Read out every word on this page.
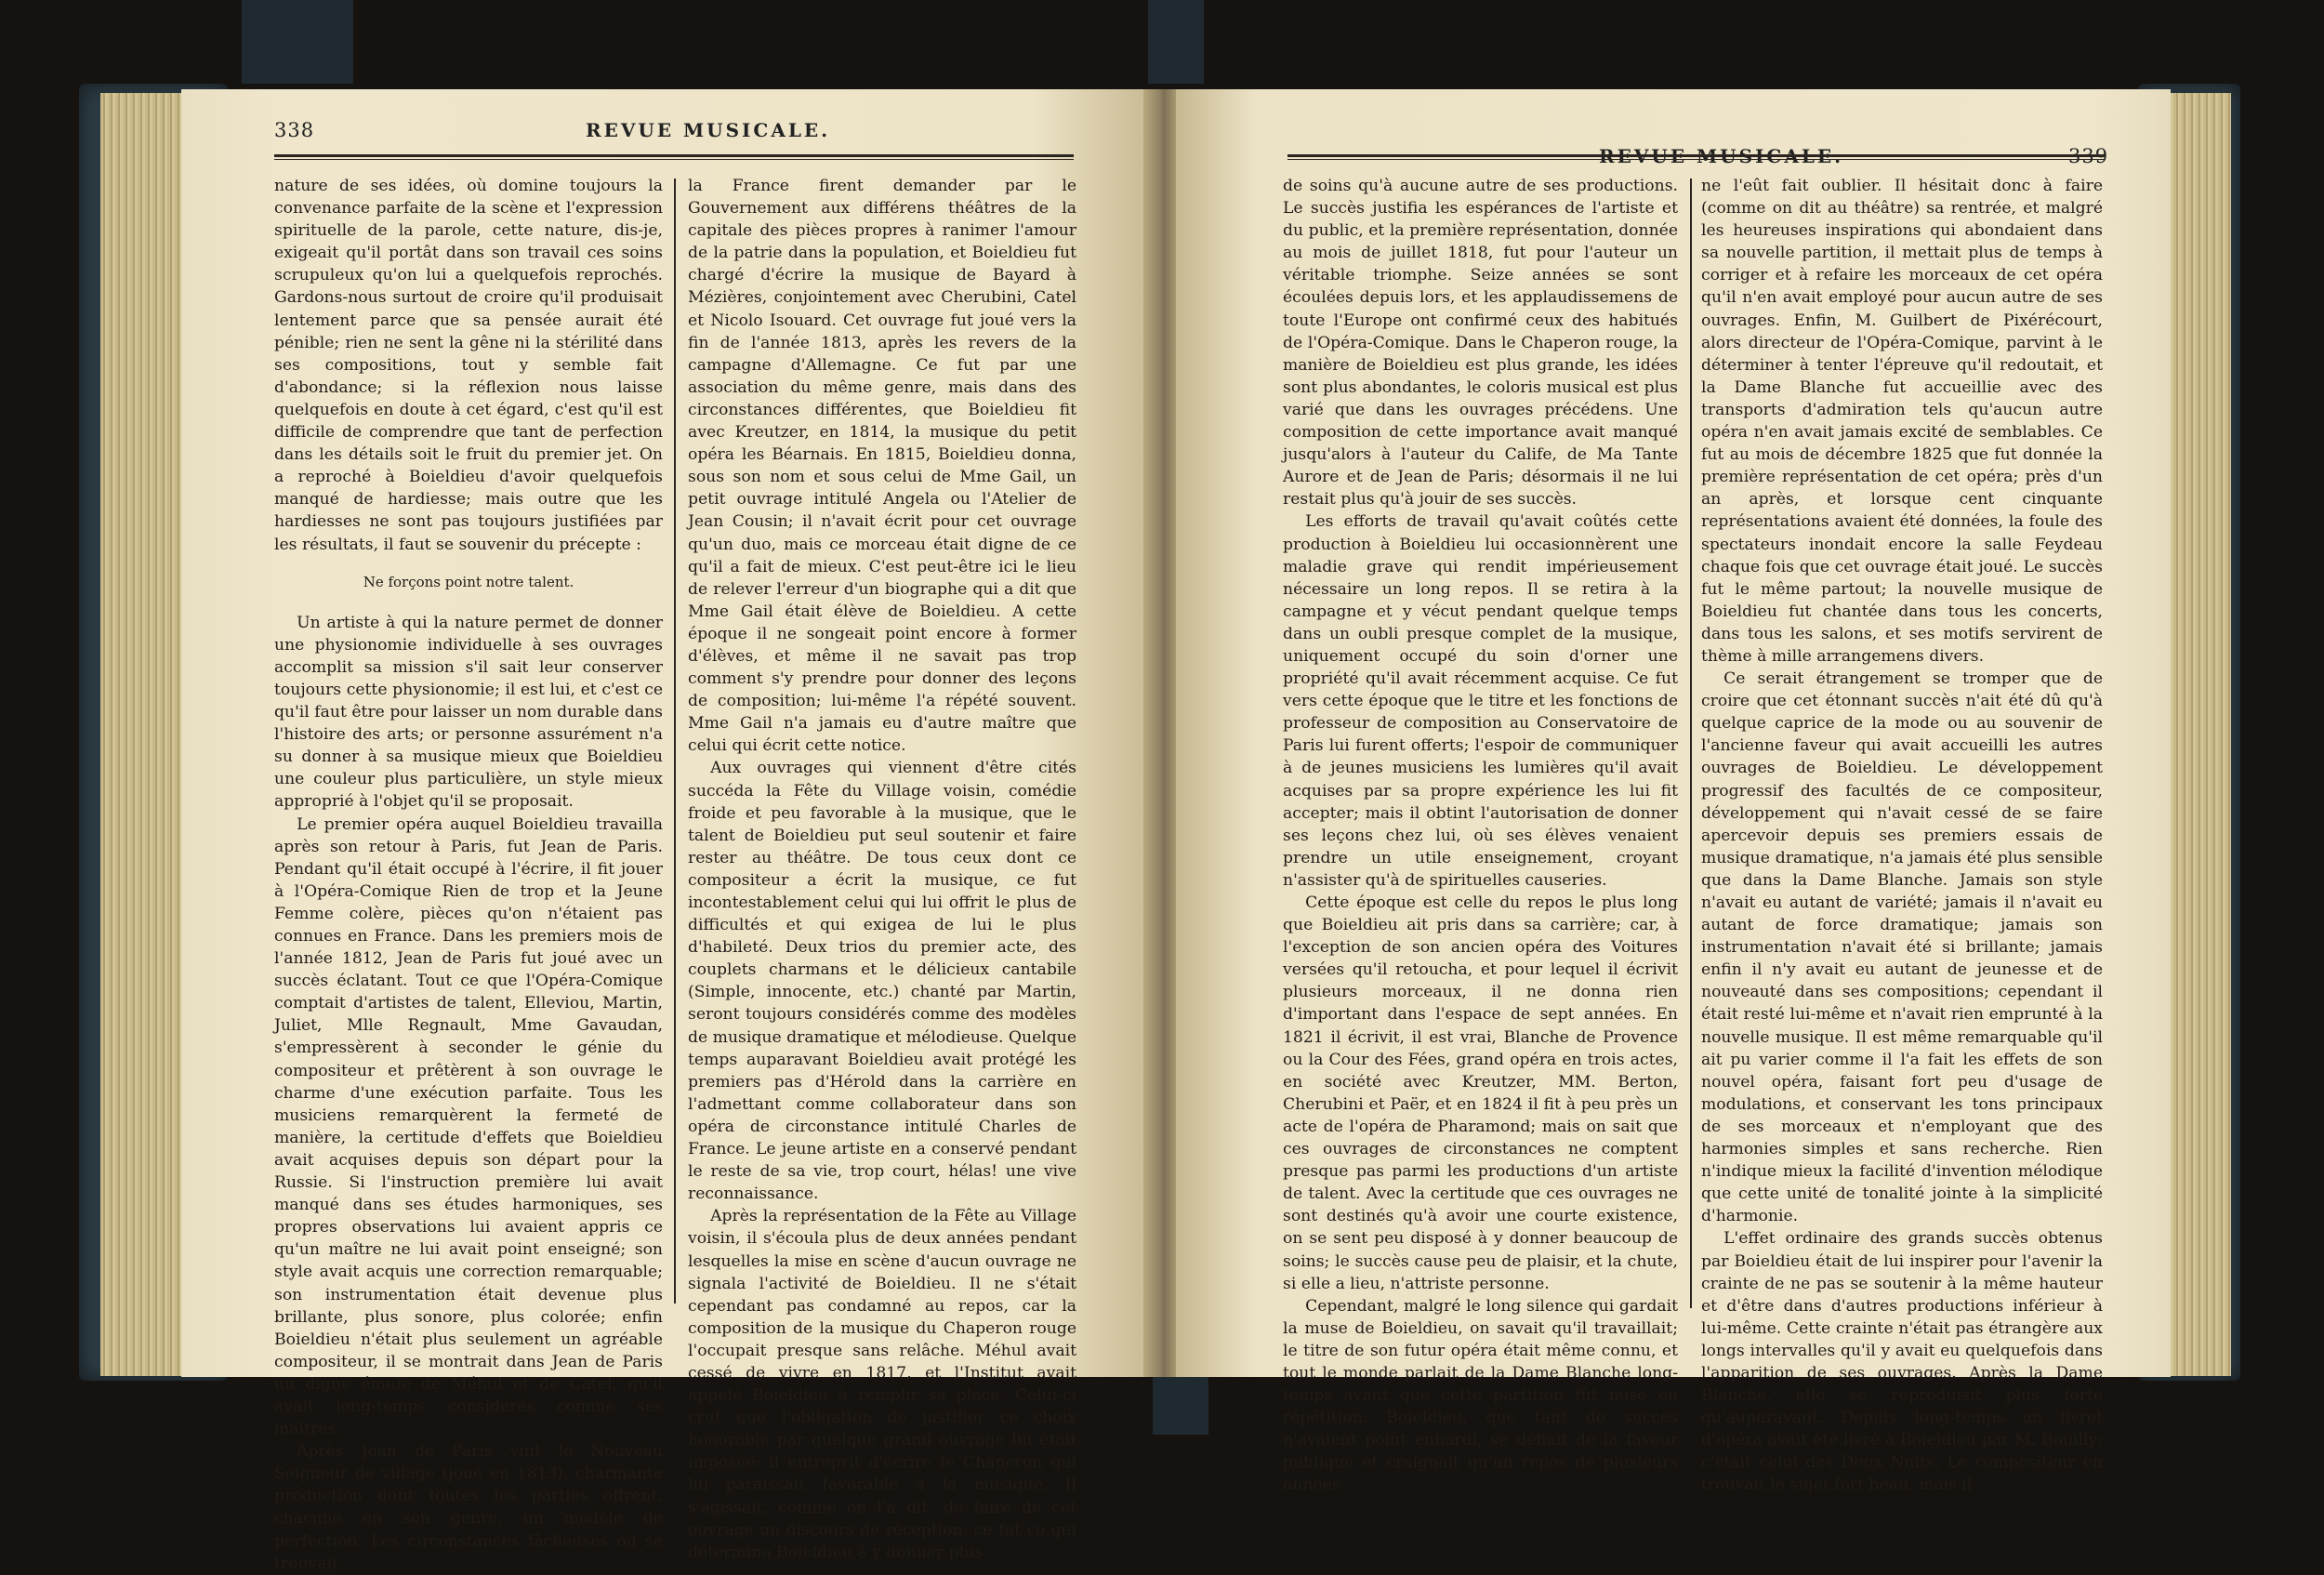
338	REVUE MUSICALE.

nature de ses idées, où domine toujours la convenance parfaite de la scène et l'expression spirituelle de la parole, cette nature, dis-je, exigeait qu'il portât dans son travail ces soins scrupuleux qu'on lui a quelquefois reprochés. Gardons-nous surtout de croire qu'il produisait lentement parce que sa pensée aurait été pénible; rien ne sent la gêne ni la stérilité dans ses compositions, tout y semble fait d'abondance; si la réflexion nous laisse quelquefois en doute à cet égard, c'est qu'il est difficile de comprendre que tant de perfection dans les détails soit le fruit du premier jet. On a reproché à Boieldieu d'avoir quelquefois manqué de hardiesse; mais outre que les hardiesses ne sont pas toujours justifiées par les résultats, il faut se souvenir du précepte :

Ne forçons point notre talent.

Un artiste à qui la nature permet de donner une physionomie individuelle à ses ouvrages accomplit sa mission s'il sait leur conserver toujours cette physionomie; il est lui, et c'est ce qu'il faut être pour laisser un nom durable dans l'histoire des arts; or personne assurément n'a su donner à sa musique mieux que Boieldieu une couleur plus particulière, un style mieux approprié à l'objet qu'il se proposait.

Le premier opéra auquel Boieldieu travailla après son retour à Paris, fut Jean de Paris. Pendant qu'il était occupé à l'écrire, il fit jouer à l'Opéra-Comique Rien de trop et la Jeune Femme colère, pièces qu'on n'étaient pas connues en France. Dans les premiers mois de l'année 1812, Jean de Paris fut joué avec un succès éclatant. Tout ce que l'Opéra-Comique comptait d'artistes de talent, Elleviou, Martin, Juliet, Mlle Regnault, Mme Gavaudan, s'empressèrent à seconder le génie du compositeur et prêtèrent à son ouvrage le charme d'une exécution parfaite. Tous les musiciens remarquèrent la fermeté de manière, la certitude d'effets que Boieldieu avait acquises depuis son départ pour la Russie. Si l'instruction première lui avait manqué dans ses études harmoniques, ses propres observations lui avaient appris ce qu'un maître ne lui avait point enseigné; son style avait acquis une correction remarquable; son instrumentation était devenue plus brillante, plus sonore, plus colorée; enfin Boieldieu n'était plus seulement un agréable compositeur, il se montrait dans Jean de Paris un digne émule de Méhul et de Catel, qu'il avait long-temps considérés comme ses maîtres.

Après Jean de Paris vint le Nouveau Seigneur de village (joué en 1813), charmante production dont toutes les parties offrent, chacune en son genre, un modèle de perfection. Les circonstances fâcheuses où se trouvait

la France firent demander par le Gouvernement aux différens théâtres de la capitale des pièces propres à ranimer l'amour de la patrie dans la population, et Boieldieu fut chargé d'écrire la musique de Bayard à Mézières, conjointement avec Cherubini, Catel et Nicolo Isouard. Cet ouvrage fut joué vers la fin de l'année 1813, après les revers de la campagne d'Allemagne. Ce fut par une association du même genre, mais dans des circonstances différentes, que Boieldieu fit avec Kreutzer, en 1814, la musique du petit opéra les Béarnais. En 1815, Boieldieu donna, sous son nom et sous celui de Mme Gail, un petit ouvrage intitulé Angela ou l'Atelier de Jean Cousin; il n'avait écrit pour cet ouvrage qu'un duo, mais ce morceau était digne de ce qu'il a fait de mieux. C'est peut-être ici le lieu de relever l'erreur d'un biographe qui a dit que Mme Gail était élève de Boieldieu. A cette époque il ne songeait point encore à former d'élèves, et même il ne savait pas trop comment s'y prendre pour donner des leçons de composition; lui-même l'a répété souvent. Mme Gail n'a jamais eu d'autre maître que celui qui écrit cette notice.

Aux ouvrages qui viennent d'être cités succéda la Fête du Village voisin, comédie froide et peu favorable à la musique, que le talent de Boieldieu put seul soutenir et faire rester au théâtre. De tous ceux dont ce compositeur a écrit la musique, ce fut incontestablement celui qui lui offrit le plus de difficultés et qui exigea de lui le plus d'habileté. Deux trios du premier acte, des couplets charmans et le délicieux cantabile (Simple, innocente, etc.) chanté par Martin, seront toujours considérés comme des modèles de musique dramatique et mélodieuse. Quelque temps auparavant Boieldieu avait protégé les premiers pas d'Hérold dans la carrière en l'admettant comme collaborateur dans son opéra de circonstance intitulé Charles de France. Le jeune artiste en a conservé pendant le reste de sa vie, trop court, hélas! une vive reconnaissance.

Après la représentation de la Fête au Village voisin, il s'écoula plus de deux années pendant lesquelles la mise en scène d'aucun ouvrage ne signala l'activité de Boieldieu. Il ne s'était cependant pas condamné au repos, car la composition de la musique du Chaperon rouge l'occupait presque sans relâche. Méhul avait cessé de vivre en 1817, et l'Institut avait appelé Boieldieu à remplir sa place. Celui-ci crut que l'obligation de justifier ce choix honorable par quelque grand ouvrage lui était imposée; il entreprit d'écrire le Chaperon qui lui paraissait favorable à la musique. Il s'agissait, comme on l'a dit, de faire de cet ouvrage un discours de réception; ce fut ce qui détermina Boieldieu à y donner plus

REVUE MUSICALE.	339

de soins qu'à aucune autre de ses productions. Le succès justifia les espérances de l'artiste et du public, et la première représentation, donnée au mois de juillet 1818, fut pour l'auteur un véritable triomphe. Seize années se sont écoulées depuis lors, et les applaudissemens de toute l'Europe ont confirmé ceux des habitués de l'Opéra-Comique. Dans le Chaperon rouge, la manière de Boieldieu est plus grande, les idées sont plus abondantes, le coloris musical est plus varié que dans les ouvrages précédens. Une composition de cette importance avait manqué jusqu'alors à l'auteur du Calife, de Ma Tante Aurore et de Jean de Paris; désormais il ne lui restait plus qu'à jouir de ses succès.

Les efforts de travail qu'avait coûtés cette production à Boieldieu lui occasionnèrent une maladie grave qui rendit impérieusement nécessaire un long repos. Il se retira à la campagne et y vécut pendant quelque temps dans un oubli presque complet de la musique, uniquement occupé du soin d'orner une propriété qu'il avait récemment acquise. Ce fut vers cette époque que le titre et les fonctions de professeur de composition au Conservatoire de Paris lui furent offerts; l'espoir de communiquer à de jeunes musiciens les lumières qu'il avait acquises par sa propre expérience les lui fit accepter; mais il obtint l'autorisation de donner ses leçons chez lui, où ses élèves venaient prendre un utile enseignement, croyant n'assister qu'à de spirituelles causeries.

Cette époque est celle du repos le plus long que Boieldieu ait pris dans sa carrière; car, à l'exception de son ancien opéra des Voitures versées qu'il retoucha, et pour lequel il écrivit plusieurs morceaux, il ne donna rien d'important dans l'espace de sept années. En 1821 il écrivit, il est vrai, Blanche de Provence ou la Cour des Fées, grand opéra en trois actes, en société avec Kreutzer, MM. Berton, Cherubini et Paër, et en 1824 il fit à peu près un acte de l'opéra de Pharamond; mais on sait que ces ouvrages de circonstances ne comptent presque pas parmi les productions d'un artiste de talent. Avec la certitude que ces ouvrages ne sont destinés qu'à avoir une courte existence, on se sent peu disposé à y donner beaucoup de soins; le succès cause peu de plaisir, et la chute, si elle a lieu, n'attriste personne.

Cependant, malgré le long silence qui gardait la muse de Boieldieu, on savait qu'il travaillait; le titre de son futur opéra était même connu, et tout le monde parlait de la Dame Blanche long-temps avant que cette partition fût mise en répétition. Boieldieu, que tant de succès n'avaient point enhardi, se défiait de la faveur publique et craignait qu'un repos de plusieurs années

ne l'eût fait oublier. Il hésitait donc à faire (comme on dit au théâtre) sa rentrée, et malgré les heureuses inspirations qui abondaient dans sa nouvelle partition, il mettait plus de temps à corriger et à refaire les morceaux de cet opéra qu'il n'en avait employé pour aucun autre de ses ouvrages. Enfin, M. Guilbert de Pixérécourt, alors directeur de l'Opéra-Comique, parvint à le déterminer à tenter l'épreuve qu'il redoutait, et la Dame Blanche fut accueillie avec des transports d'admiration tels qu'aucun autre opéra n'en avait jamais excité de semblables. Ce fut au mois de décembre 1825 que fut donnée la première représentation de cet opéra; près d'un an après, et lorsque cent cinquante représentations avaient été données, la foule des spectateurs inondait encore la salle Feydeau chaque fois que cet ouvrage était joué. Le succès fut le même partout; la nouvelle musique de Boieldieu fut chantée dans tous les concerts, dans tous les salons, et ses motifs servirent de thème à mille arrangemens divers.

Ce serait étrangement se tromper que de croire que cet étonnant succès n'ait été dû qu'à quelque caprice de la mode ou au souvenir de l'ancienne faveur qui avait accueilli les autres ouvrages de Boieldieu. Le développement progressif des facultés de ce compositeur, développement qui n'avait cessé de se faire apercevoir depuis ses premiers essais de musique dramatique, n'a jamais été plus sensible que dans la Dame Blanche. Jamais son style n'avait eu autant de variété; jamais il n'avait eu autant de force dramatique; jamais son instrumentation n'avait été si brillante; jamais enfin il n'y avait eu autant de jeunesse et de nouveauté dans ses compositions; cependant il était resté lui-même et n'avait rien emprunté à la nouvelle musique. Il est même remarquable qu'il ait pu varier comme il l'a fait les effets de son nouvel opéra, faisant fort peu d'usage de modulations, et conservant les tons principaux de ses morceaux et n'employant que des harmonies simples et sans recherche. Rien n'indique mieux la facilité d'invention mélodique que cette unité de tonalité jointe à la simplicité d'harmonie.

L'effet ordinaire des grands succès obtenus par Boieldieu était de lui inspirer pour l'avenir la crainte de ne pas se soutenir à la même hauteur et d'être dans d'autres productions inférieur à lui-même. Cette crainte n'était pas étrangère aux longs intervalles qu'il y avait eu quelquefois dans l'apparition de ses ouvrages. Après la Dame Blanche, elle se reproduisit plus forte qu'auparavant. Depuis long-temps un livret d'opéra avait été livré à Boieldieu par M. Bouilly; c'était celui des Deux Nuits. Le compositeur en trouvait le sujet fort beau, mais il
